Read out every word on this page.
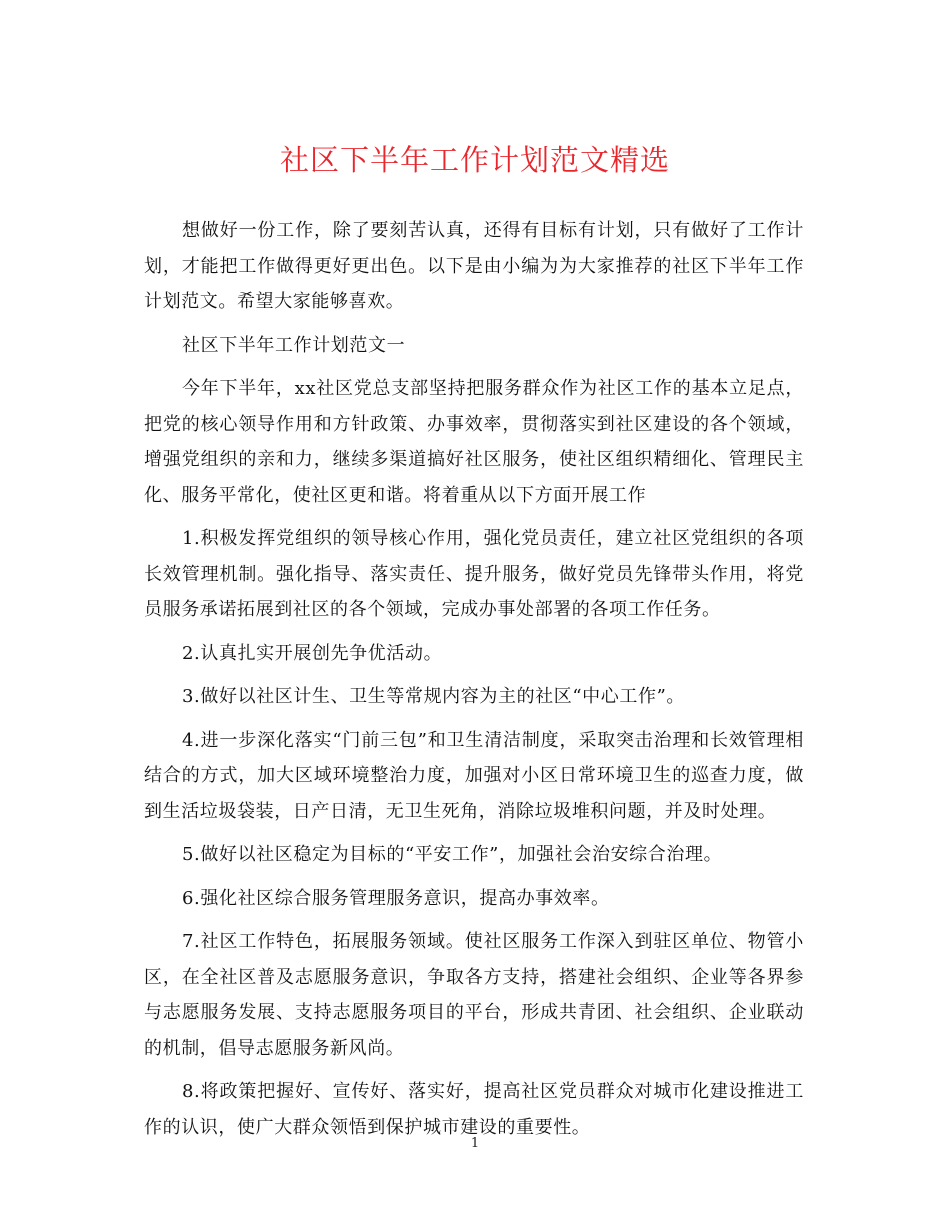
社区下半年工作计划范文精选

想做好一份工作，除了要刻苦认真，还得有目标有计划，只有做好了工作计划，才能把工作做得更好更出色。以下是由小编为为大家推荐的社区下半年工作计划范文。希望大家能够喜欢。

社区下半年工作计划范文一

今年下半年，xx社区党总支部坚持把服务群众作为社区工作的基本立足点，把党的核心领导作用和方针政策、办事效率，贯彻落实到社区建设的各个领域，增强党组织的亲和力，继续多渠道搞好社区服务，使社区组织精细化、管理民主化、服务平常化，使社区更和谐。将着重从以下方面开展工作

1.积极发挥党组织的领导核心作用，强化党员责任，建立社区党组织的各项长效管理机制。强化指导、落实责任、提升服务，做好党员先锋带头作用，将党员服务承诺拓展到社区的各个领域，完成办事处部署的各项工作任务。

2.认真扎实开展创先争优活动。

3.做好以社区计生、卫生等常规内容为主的社区“中心工作”。

4.进一步深化落实“门前三包”和卫生清洁制度，采取突击治理和长效管理相结合的方式，加大区域环境整治力度，加强对小区日常环境卫生的巡查力度，做到生活垃圾袋装，日产日清，无卫生死角，消除垃圾堆积问题，并及时处理。

5.做好以社区稳定为目标的“平安工作”，加强社会治安综合治理。

6.强化社区综合服务管理服务意识，提高办事效率。

7.社区工作特色，拓展服务领域。使社区服务工作深入到驻区单位、物管小区，在全社区普及志愿服务意识，争取各方支持，搭建社会组织、企业等各界参与志愿服务发展、支持志愿服务项目的平台，形成共青团、社会组织、企业联动的机制，倡导志愿服务新风尚。

8.将政策把握好、宣传好、落实好，提高社区党员群众对城市化建设推进工作的认识，使广大群众领悟到保护城市建设的重要性。

1
